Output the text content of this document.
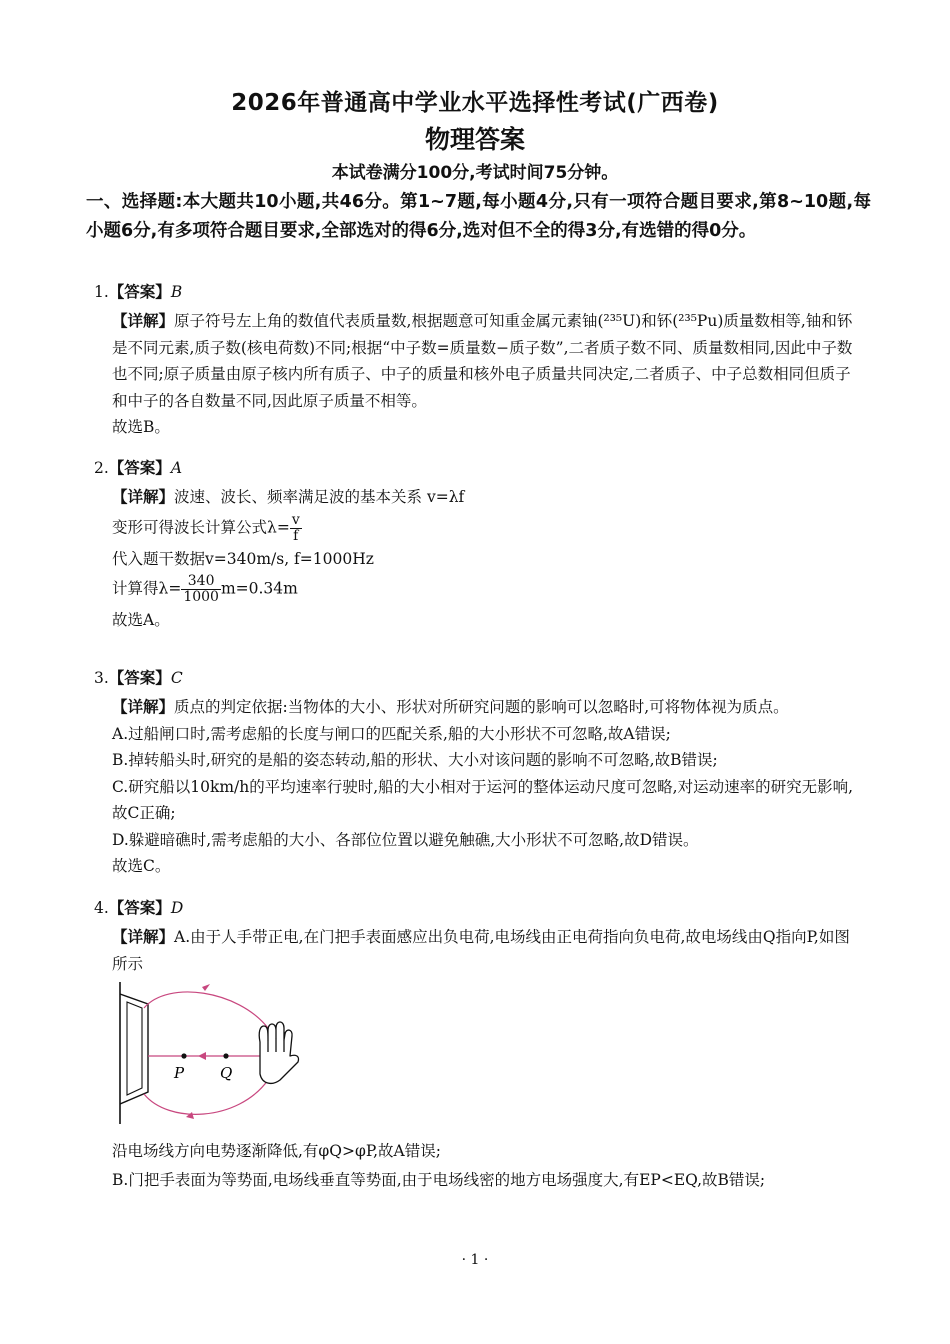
2026年普通高中学业水平选择性考试(广西卷)
物理答案
本试卷满分100分,考试时间75分钟。
一、选择题:本大题共10小题,共46分。第1~7题,每小题4分,只有一项符合题目要求,第8~10题,每小题6分,有多项符合题目要求,全部选对的得6分,选对但不全的得3分,有选错的得0分。
1.【答案】B

【详解】原子符号左上角的数值代表质量数,根据题意可知重金属元素铀(²³⁵U)和钚(²³⁵Pu)质量数相等,铀和钚是不同元素,质子数(核电荷数)不同;根据“中子数=质量数−质子数”,二者质子数不同、质量数相同,因此中子数也不同;原子质量由原子核内所有质子、中子的质量和核外电子质量共同决定,二者质子、中子总数相同但质子和中子的各自数量不同,因此原子质量不相等。

故选B。

2.【答案】A

【详解】波速、波长、频率满足波的基本关系 v=λf

变形可得波长计算公式$\lambda= \frac{v}{f}$

代入题干数据v=340m/s, f=1000Hz

计算得$\lambda= \frac{340}{1000} m=0.34m$

故选A。

3.【答案】C

【详解】质点的判定依据:当物体的大小、形状对所研究问题的影响可以忽略时,可将物体视为质点。

A.过船闸口时,需考虑船的长度与闸口的匹配关系,船的大小形状不可忽略,故A错误;

B.掉转船头时,研究的是船的姿态转动,船的形状、大小对该问题的影响不可忽略,故B错误;

C.研究船以10km/h的平均速率行驶时,船的大小相对于运河的整体运动尺度可忽略,对运动速率的研究无影响,故C正确;

D.躲避暗礁时,需考虑船的大小、各部位位置以避免触礁,大小形状不可忽略,故D错误。

故选C。

4.【答案】D

【详解】A.由于人手带正电,在门把手表面感应出负电荷,电场线由正电荷指向负电荷,故电场线由Q指向P,如图所示

P Q

沿电场线方向电势逐渐降低,有φQ>φP,故A错误;

B.门把手表面为等势面,电场线垂直等势面,由于电场线密的地方电场强度大,有EP<EQ,故B错误;

· 1 ·
